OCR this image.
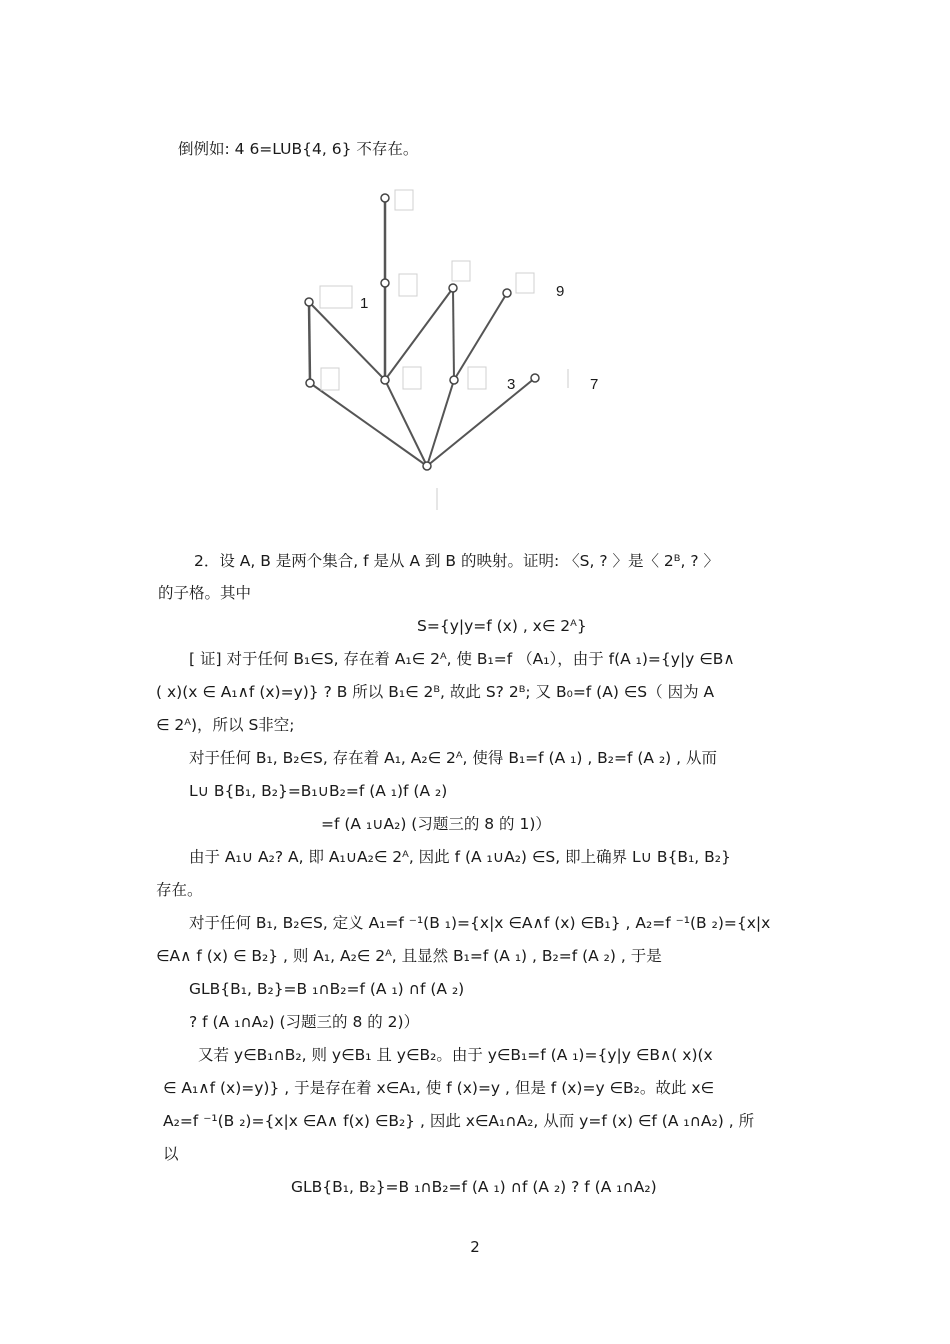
倒例如: 4 6=LUB{4, 6} 不存在。
1
9
3	7
2．设 A, B 是两个集合, f 是从 A 到 B 的映射。证明: 〈S, ? 〉是〈 2ᴮ, ? 〉
的子格。其中
S={y|y=f (x) , x∈ 2ᴬ}
[ 证] 对于任何 B₁∈S, 存在着 A₁∈ 2ᴬ, 使 B₁=f （A₁），由于 f(A ₁)={y|y ∈B∧
( x)(x ∈ A₁∧f (x)=y)} ? B 所以 B₁∈ 2ᴮ, 故此 S? 2ᴮ; 又 B₀=f (A) ∈S（ 因为 A
∈ 2ᴬ)，所以 S非空;
对于任何 B₁, B₂∈S, 存在着 A₁, A₂∈ 2ᴬ, 使得 B₁=f (A ₁) , B₂=f (A ₂) , 从而
L∪ B{B₁, B₂}=B₁∪B₂=f (A ₁)f (A ₂)
=f (A ₁∪A₂) (习题三的 8 的 1)）
由于 A₁∪ A₂? A, 即 A₁∪A₂∈ 2ᴬ, 因此 f (A ₁∪A₂) ∈S, 即上确界 L∪ B{B₁, B₂}
存在。
对于任何 B₁, B₂∈S, 定义 A₁=f ⁻¹(B ₁)={x|x ∈A∧f (x) ∈B₁} , A₂=f ⁻¹(B ₂)={x|x
∈A∧ f (x) ∈ B₂} , 则 A₁, A₂∈ 2ᴬ, 且显然 B₁=f (A ₁) , B₂=f (A ₂) , 于是
GLB{B₁, B₂}=B ₁∩B₂=f (A ₁) ∩f (A ₂)
? f (A ₁∩A₂) (习题三的 8 的 2)）
又若 y∈B₁∩B₂, 则 y∈B₁ 且 y∈B₂。由于 y∈B₁=f (A ₁)={y|y ∈B∧( x)(x
∈ A₁∧f (x)=y)} , 于是存在着 x∈A₁, 使 f (x)=y , 但是 f (x)=y ∈B₂。故此 x∈
A₂=f ⁻¹(B ₂)={x|x ∈A∧ f(x) ∈B₂} , 因此 x∈A₁∩A₂, 从而 y=f (x) ∈f (A ₁∩A₂) , 所
以
GLB{B₁, B₂}=B ₁∩B₂=f (A ₁) ∩f (A ₂) ? f (A ₁∩A₂)
2
